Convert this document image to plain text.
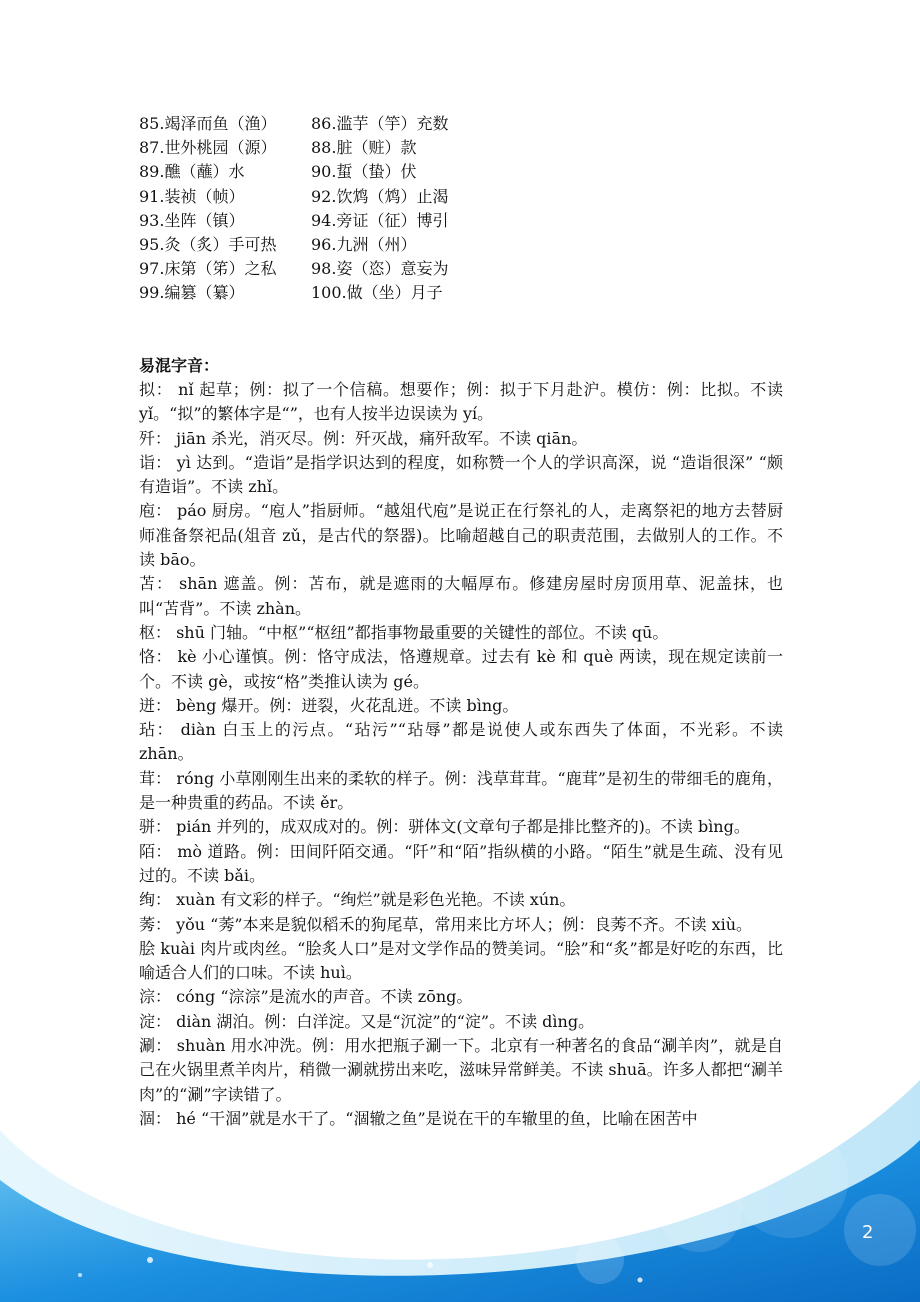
85.竭泽而鱼（渔）	86.滥芋（竽）充数
87.世外桃园（源）	88.脏（赃）款
89.醮（蘸）水	90.蜇（蛰）伏
91.装祯（帧）	92.饮鸩（鸩）止渴
93.坐阵（镇）	94.旁证（征）博引
95.灸（炙）手可热	96.九洲（州）
97.床第（笫）之私	98.姿（恣）意妄为
99.编篡（纂）	100.做（坐）月子
易混字音：

拟： nǐ 起草；例：拟了一个信稿。想要作；例：拟于下月赴沪。模仿：例：比拟。不读 yǐ。“拟”的繁体字是“”，也有人按半边误读为 yí。

歼： jiān 杀光，消灭尽。例：歼灭战，痛歼敌军。不读 qiān。

诣： yì 达到。“造诣”是指学识达到的程度，如称赞一个人的学识高深，说 “造诣很深” “颇有造诣”。不读 zhǐ。

庖： páo 厨房。“庖人”指厨师。“越俎代庖”是说正在行祭礼的人，走离祭祀的地方去替厨师准备祭祀品(俎音 zǔ，是古代的祭器)。比喻超越自己的职责范围，去做别人的工作。不读 bāo。

苫： shān 遮盖。例：苫布，就是遮雨的大幅厚布。修建房屋时房顶用草、泥盖抹，也 叫“苫背”。不读 zhàn。

枢： shū 门轴。“中枢”“枢纽”都指事物最重要的关键性的部位。不读 qū。

恪： kè 小心谨慎。例：恪守成法，恪遵规章。过去有 kè 和 què 两读，现在规定读前一个。不读 gè，或按“格”类推认读为 gé。

迸： bèng 爆开。例：迸裂，火花乱迸。不读 bìng。

玷： diàn 白玉上的污点。“玷污”“玷辱”都是说使人或东西失了体面，不光彩。不读 zhān。

茸： róng 小草刚刚生出来的柔软的样子。例：浅草茸茸。“鹿茸”是初生的带细毛的鹿角，是一种贵重的药品。不读 ěr。

骈： pián 并列的，成双成对的。例：骈体文(文章句子都是排比整齐的)。不读 bìng。

陌： mò 道路。例：田间阡陌交通。“阡”和“陌”指纵横的小路。“陌生”就是生疏、没有见过的。不读 bǎi。

绚： xuàn 有文彩的样子。“绚烂”就是彩色光艳。不读 xún。

莠： yǒu “莠”本来是貌似稻禾的狗尾草，常用来比方坏人；例：良莠不齐。不读 xiù。

脍 kuài 肉片或肉丝。“脍炙人口”是对文学作品的赞美词。“脍”和“炙”都是好吃的东西，比喻适合人们的口味。不读 huì。

淙： cóng “淙淙”是流水的声音。不读 zōng。

淀： diàn 湖泊。例：白洋淀。又是“沉淀”的“淀”。不读 dìng。

涮： shuàn 用水冲洗。例：用水把瓶子涮一下。北京有一种著名的食品“涮羊肉”，就是自己在火锅里煮羊肉片，稍微一涮就捞出来吃，滋味异常鲜美。不读 shuā。许多人都把“涮羊肉”的“涮”字读错了。

涸： hé “干涸”就是水干了。“涸辙之鱼”是说在干的车辙里的鱼，比喻在困苦中

2
